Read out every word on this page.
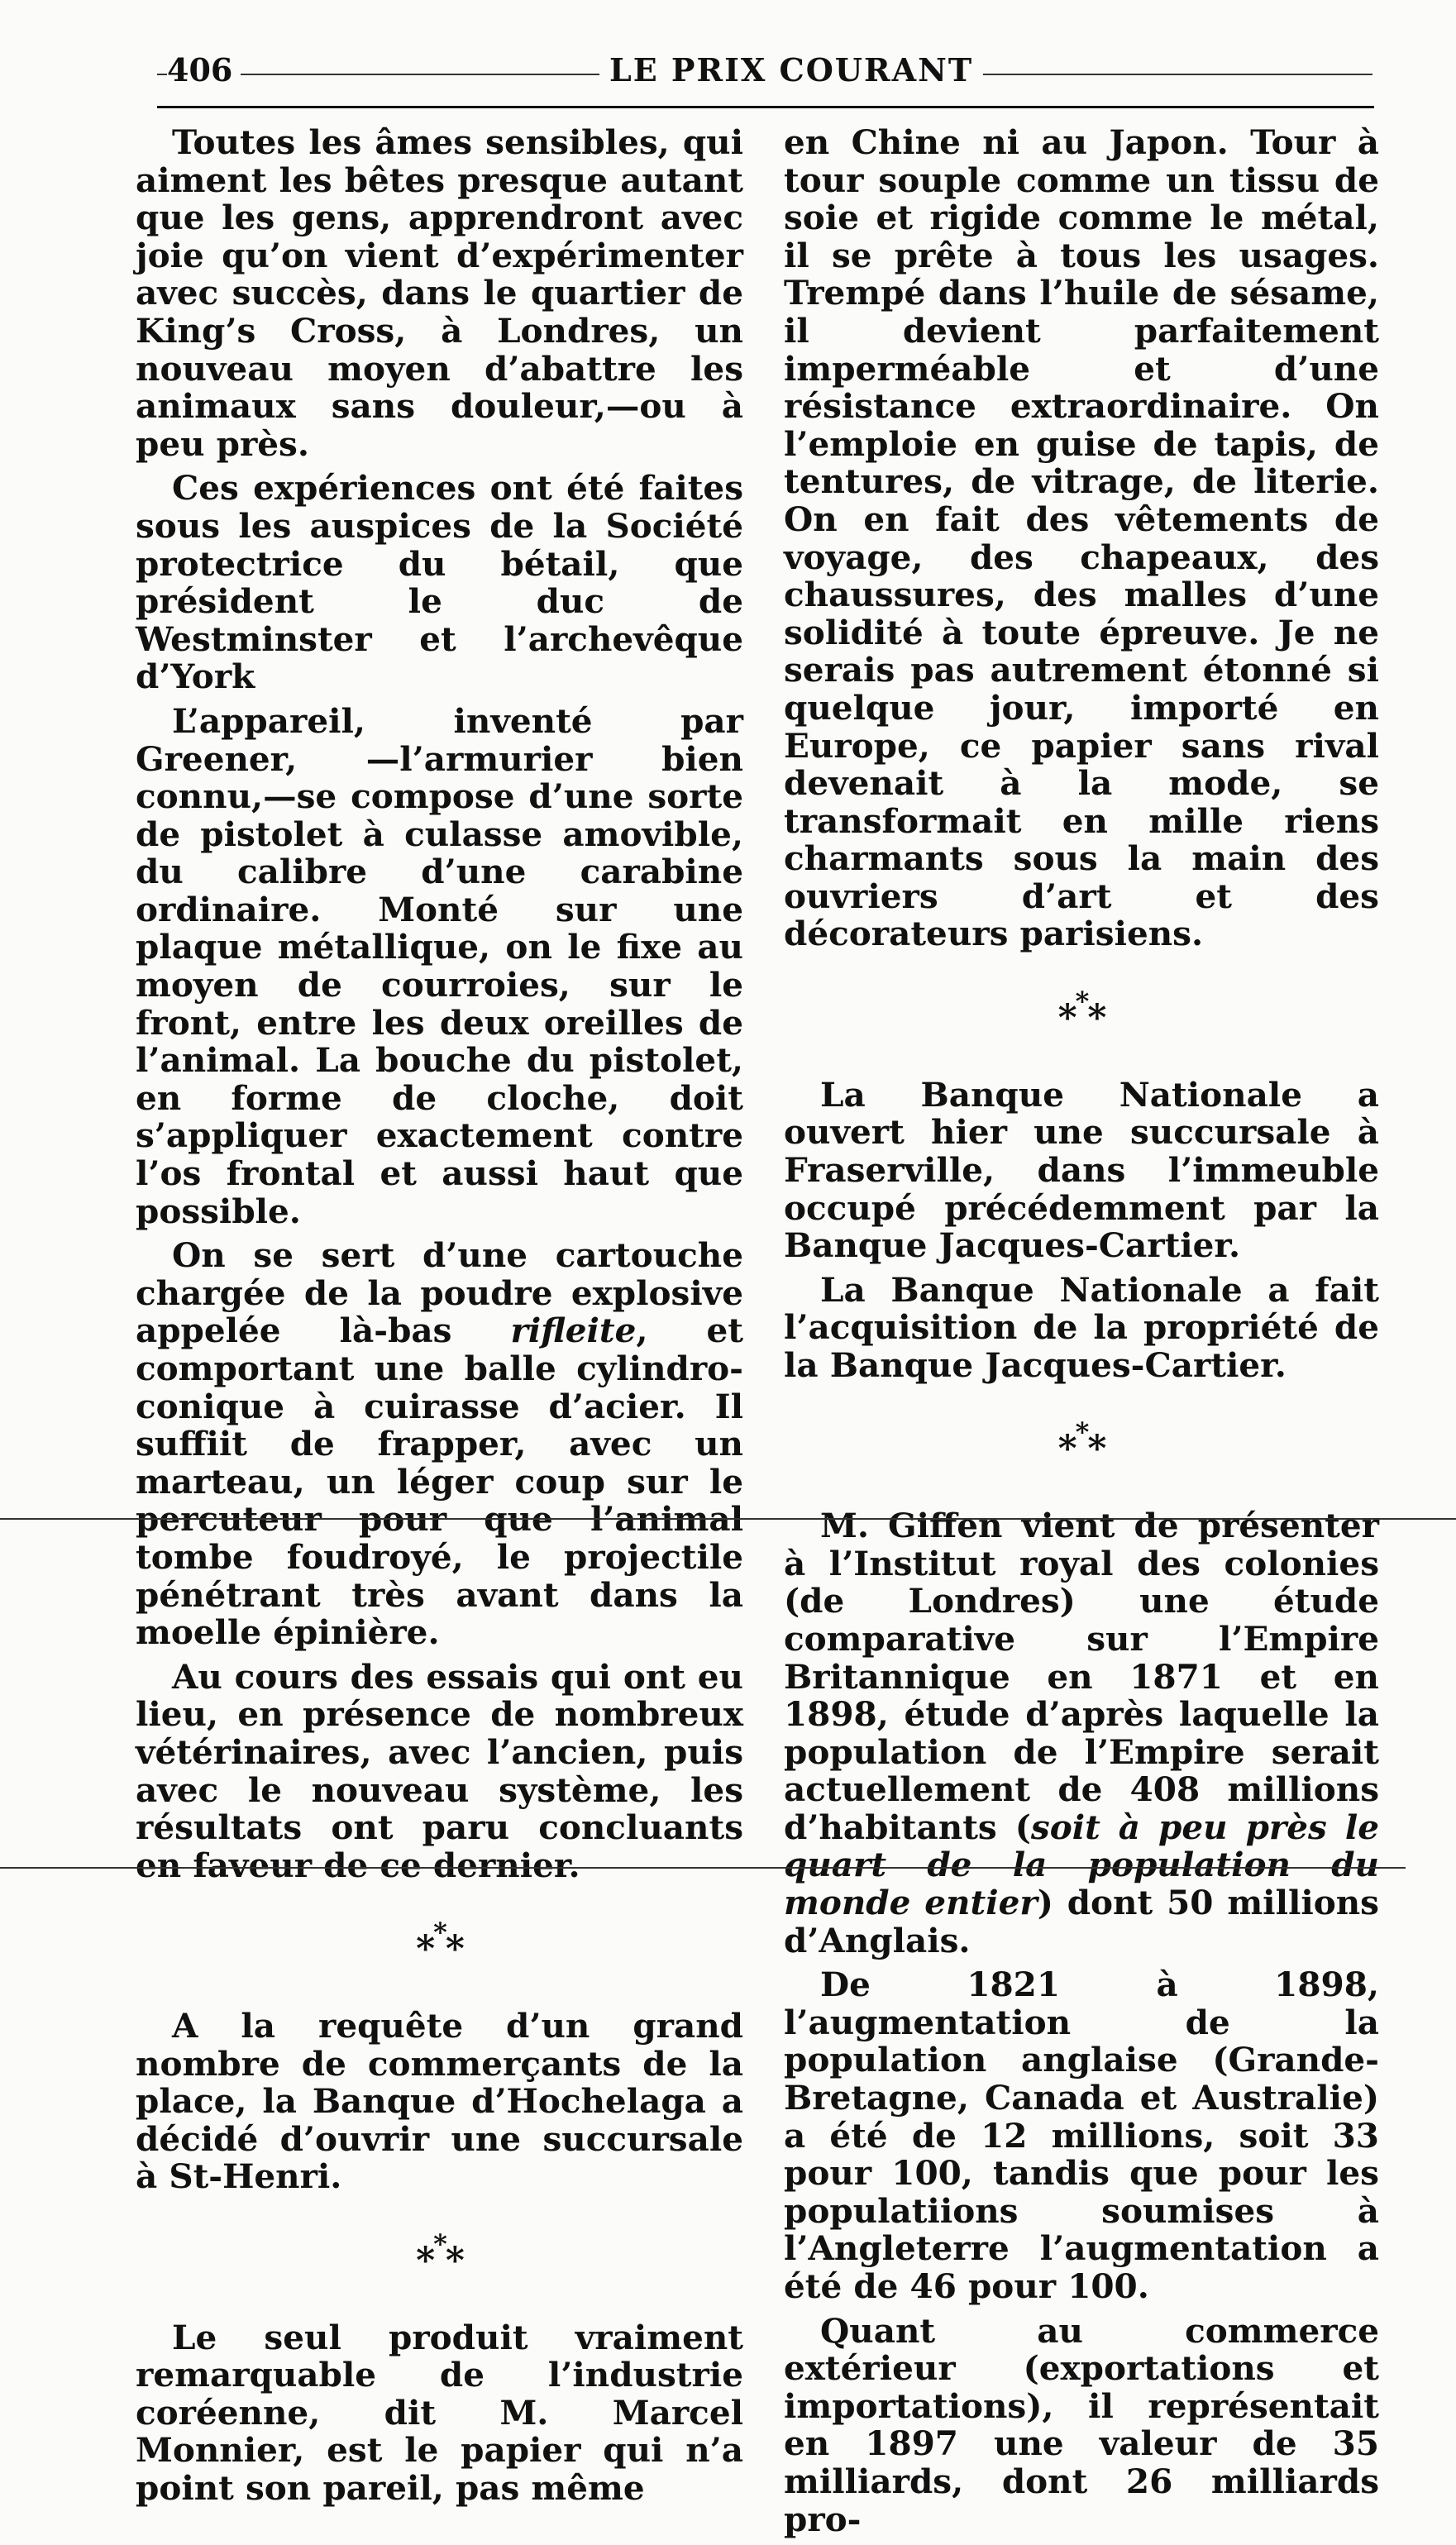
406	LE PRIX COURANT

Toutes les âmes sensibles, qui aiment les bêtes presque autant que les gens, apprendront avec joie qu’on vient d’expérimenter avec succès, dans le quartier de King’s Cross, à Londres, un nouveau moyen d’abattre les animaux sans douleur,—ou à peu près.

Ces expériences ont été faites sous les auspices de la Société protectrice du bétail, que président le duc de Westminster et l’archevêque d’York

L’appareil, inventé par Greener, —l’armurier bien connu,—se compose d’une sorte de pistolet à culasse amovible, du calibre d’une carabine ordinaire. Monté sur une plaque métallique, on le fixe au moyen de courroies, sur le front, entre les deux oreilles de l’animal. La bouche du pistolet, en forme de cloche, doit s’appliquer exactement contre l’os frontal et aussi haut que possible.

On se sert d’une cartouche chargée de la poudre explosive appelée là-bas rifleite, et comportant une balle cylindro-conique à cuirasse d’acier. Il suffiit de frapper, avec un marteau, un léger coup sur le percuteur pour que l’animal tombe foudroyé, le projectile pénétrant très avant dans la moelle épinière.

Au cours des essais qui ont eu lieu, en présence de nombreux vétérinaires, avec l’ancien, puis avec le nouveau système, les résultats ont paru concluants en faveur de ce dernier.

***

A la requête d’un grand nombre de commerçants de la place, la Banque d’Hochelaga a décidé d’ouvrir une succursale à St-Henri.

***

Le seul produit vraiment remarquable de l’industrie coréenne, dit M. Marcel Monnier, est le papier qui n’a point son pareil, pas même

en Chine ni au Japon. Tour à tour souple comme un tissu de soie et rigide comme le métal, il se prête à tous les usages. Trempé dans l’huile de sésame, il devient parfaitement imperméable et d’une résistance extraordinaire. On l’emploie en guise de tapis, de tentures, de vitrage, de literie. On en fait des vêtements de voyage, des chapeaux, des chaussures, des malles d’une solidité à toute épreuve. Je ne serais pas autrement étonné si quelque jour, importé en Europe, ce papier sans rival devenait à la mode, se transformait en mille riens charmants sous la main des ouvriers d’art et des décorateurs parisiens.

***

La Banque Nationale a ouvert hier une succursale à Fraserville, dans l’immeuble occupé précédemment par la Banque Jacques-Cartier.

La Banque Nationale a fait l’acquisition de la propriété de la Banque Jacques-Cartier.

***

M. Giffen vient de présenter à l’Institut royal des colonies (de Londres) une étude comparative sur l’Empire Britannique en 1871 et en 1898, étude d’après laquelle la population de l’Empire serait actuellement de 408 millions d’habitants (soit à peu près le quart de la population du monde entier) dont 50 millions d’Anglais.

De 1821 à 1898, l’augmentation de la population anglaise (Grande-Bretagne, Canada et Australie) a été de 12 millions, soit 33 pour 100, tandis que pour les populatiions soumises à l’Angleterre l’augmentation a été de 46 pour 100.

Quant au commerce extérieur (exportations et importations), il représentait en 1897 une valeur de 35 milliards, dont 26 milliards pro-
